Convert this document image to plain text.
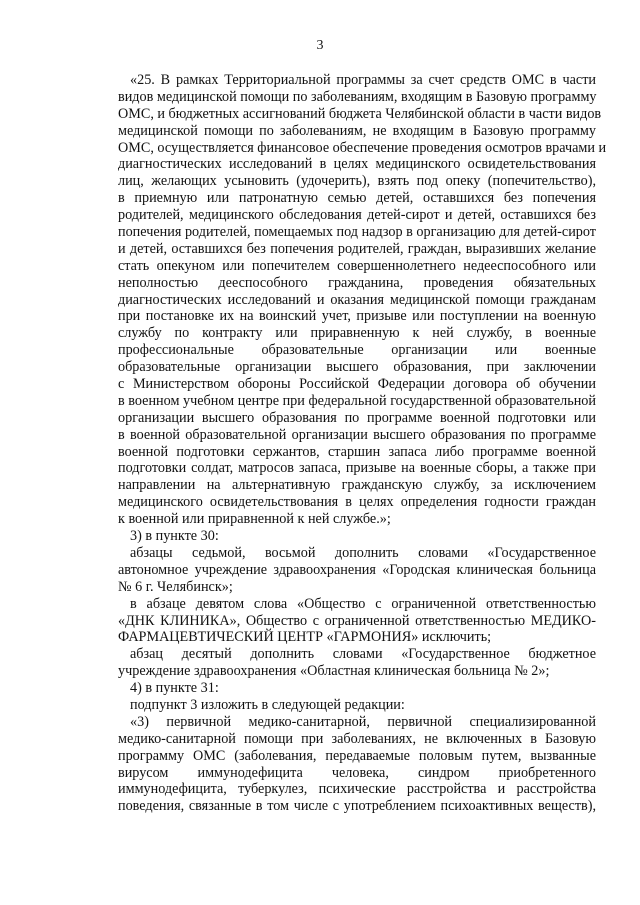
3
«25. В рамках Территориальной программы за счет средств ОМС в части
видов медицинской помощи по заболеваниям, входящим в Базовую программу
ОМС, и бюджетных ассигнований бюджета Челябинской области в части видов
медицинской помощи по заболеваниям, не входящим в Базовую программу
ОМС, осуществляется финансовое обеспечение проведения осмотров врачами и
диагностических исследований в целях медицинского освидетельствования
лиц, желающих усыновить (удочерить), взять под опеку (попечительство),
в приемную или патронатную семью детей, оставшихся без попечения
родителей, медицинского обследования детей-сирот и детей, оставшихся без
попечения родителей, помещаемых под надзор в организацию для детей-сирот
и детей, оставшихся без попечения родителей, граждан, выразивших желание
стать опекуном или попечителем совершеннолетнего недееспособного или
неполностью дееспособного гражданина, проведения обязательных
диагностических исследований и оказания медицинской помощи гражданам
при постановке их на воинский учет, призыве или поступлении на военную
службу по контракту или приравненную к ней службу, в военные
профессиональные образовательные организации или военные
образовательные организации высшего образования, при заключении
с Министерством обороны Российской Федерации договора об обучении
в военном учебном центре при федеральной государственной образовательной
организации высшего образования по программе военной подготовки или
в военной образовательной организации высшего образования по программе
военной подготовки сержантов, старшин запаса либо программе военной
подготовки солдат, матросов запаса, призыве на военные сборы, а также при
направлении на альтернативную гражданскую службу, за исключением
медицинского освидетельствования в целях определения годности граждан
к военной или приравненной к ней службе.»;
3) в пункте 30:
абзацы седьмой, восьмой дополнить словами «Государственное
автономное учреждение здравоохранения «Городская клиническая больница
№ 6 г. Челябинск»;
в абзаце девятом слова «Общество с ограниченной ответственностью
«ДНК КЛИНИКА», Общество с ограниченной ответственностью МЕДИКО-
ФАРМАЦЕВТИЧЕСКИЙ ЦЕНТР «ГАРМОНИЯ» исключить;
абзац десятый дополнить словами «Государственное бюджетное
учреждение здравоохранения «Областная клиническая больница № 2»;
4) в пункте 31:
подпункт 3 изложить в следующей редакции:
«3) первичной медико-санитарной, первичной специализированной
медико-санитарной помощи при заболеваниях, не включенных в Базовую
программу ОМС (заболевания, передаваемые половым путем, вызванные
вирусом иммунодефицита человека, синдром приобретенного
иммунодефицита, туберкулез, психические расстройства и расстройства
поведения, связанные в том числе с употреблением психоактивных веществ),
